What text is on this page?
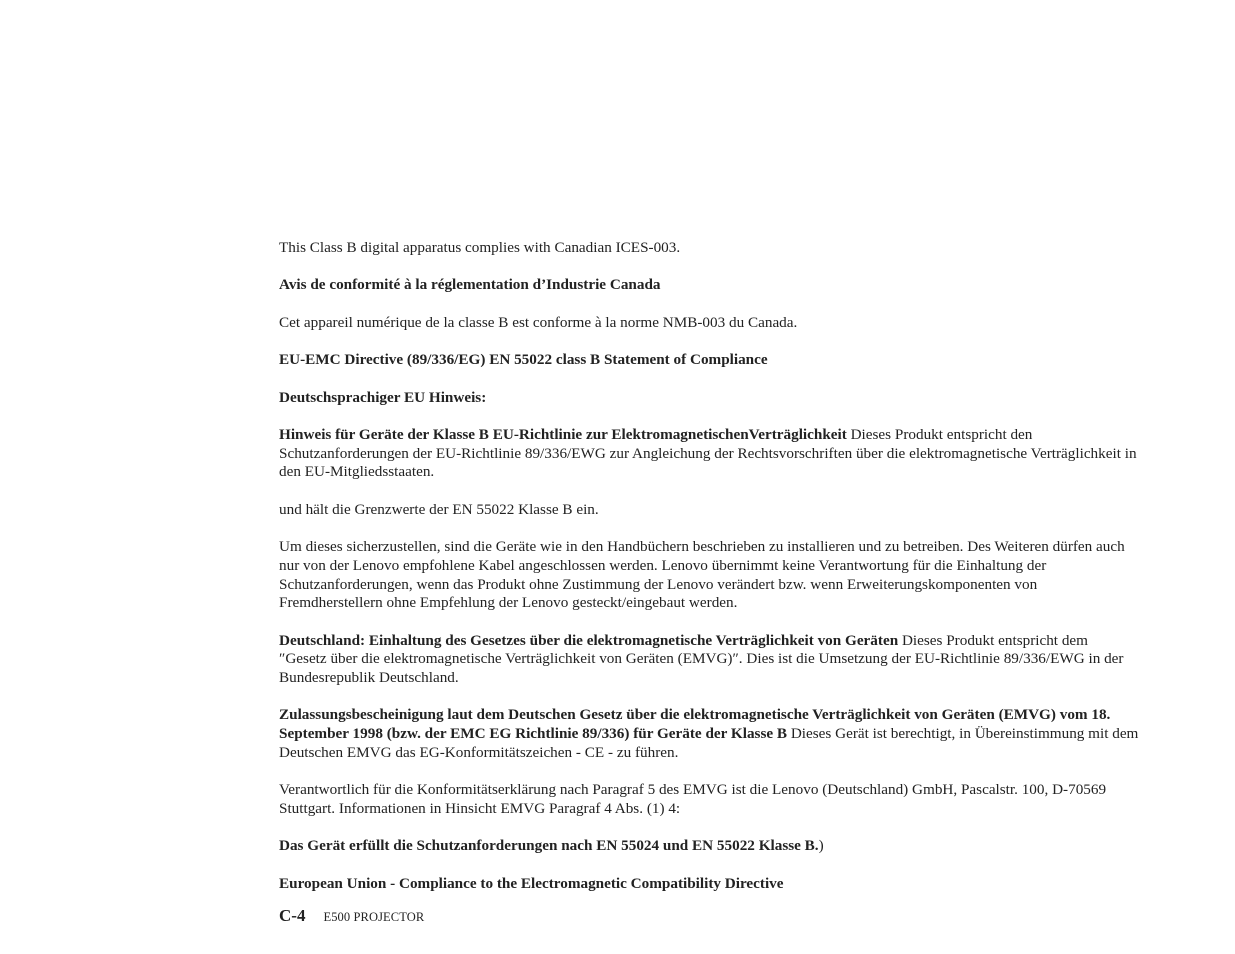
This Class B digital apparatus complies with Canadian ICES-003.

Avis de conformité à la réglementation d’Industrie Canada

Cet appareil numérique de la classe B est conforme à la norme NMB-003 du Canada.

EU-EMC Directive (89/336/EG) EN 55022 class B Statement of Compliance

Deutschsprachiger EU Hinweis:

Hinweis für Geräte der Klasse B EU-Richtlinie zur ElektromagnetischenVerträglichkeit Dieses Produkt entspricht den Schutzanforderungen der EU-Richtlinie 89/336/EWG zur Angleichung der Rechtsvorschriften über die elektromagnetische Verträglichkeit in den EU-Mitgliedsstaaten.

und hält die Grenzwerte der EN 55022 Klasse B ein.

Um dieses sicherzustellen, sind die Geräte wie in den Handbüchern beschrieben zu installieren und zu betreiben. Des Weiteren dürfen auch nur von der Lenovo empfohlene Kabel angeschlossen werden. Lenovo übernimmt keine Verantwortung für die Einhaltung der Schutzanforderungen, wenn das Produkt ohne Zustimmung der Lenovo verändert bzw. wenn Erweiterungskomponenten von Fremdherstellern ohne Empfehlung der Lenovo gesteckt/eingebaut werden.

Deutschland: Einhaltung des Gesetzes über die elektromagnetische Verträglichkeit von Geräten Dieses Produkt entspricht dem ″Gesetz über die elektromagnetische Verträglichkeit von Geräten (EMVG)″. Dies ist die Umsetzung der EU-Richtlinie 89/336/EWG in der Bundesrepublik Deutschland.

Zulassungsbescheinigung laut dem Deutschen Gesetz über die elektromagnetische Verträglichkeit von Geräten (EMVG) vom 18. September 1998 (bzw. der EMC EG Richtlinie 89/336) für Geräte der Klasse B Dieses Gerät ist berechtigt, in Übereinstimmung mit dem Deutschen EMVG das EG-Konformitätszeichen - CE - zu führen.

Verantwortlich für die Konformitätserklärung nach Paragraf 5 des EMVG ist die Lenovo (Deutschland) GmbH, Pascalstr. 100, D-70569 Stuttgart. Informationen in Hinsicht EMVG Paragraf 4 Abs. (1) 4:

Das Gerät erfüllt die Schutzanforderungen nach EN 55024 und EN 55022 Klasse B.)

European Union - Compliance to the Electromagnetic Compatibility Directive

C-4 E500 PROJECTOR
